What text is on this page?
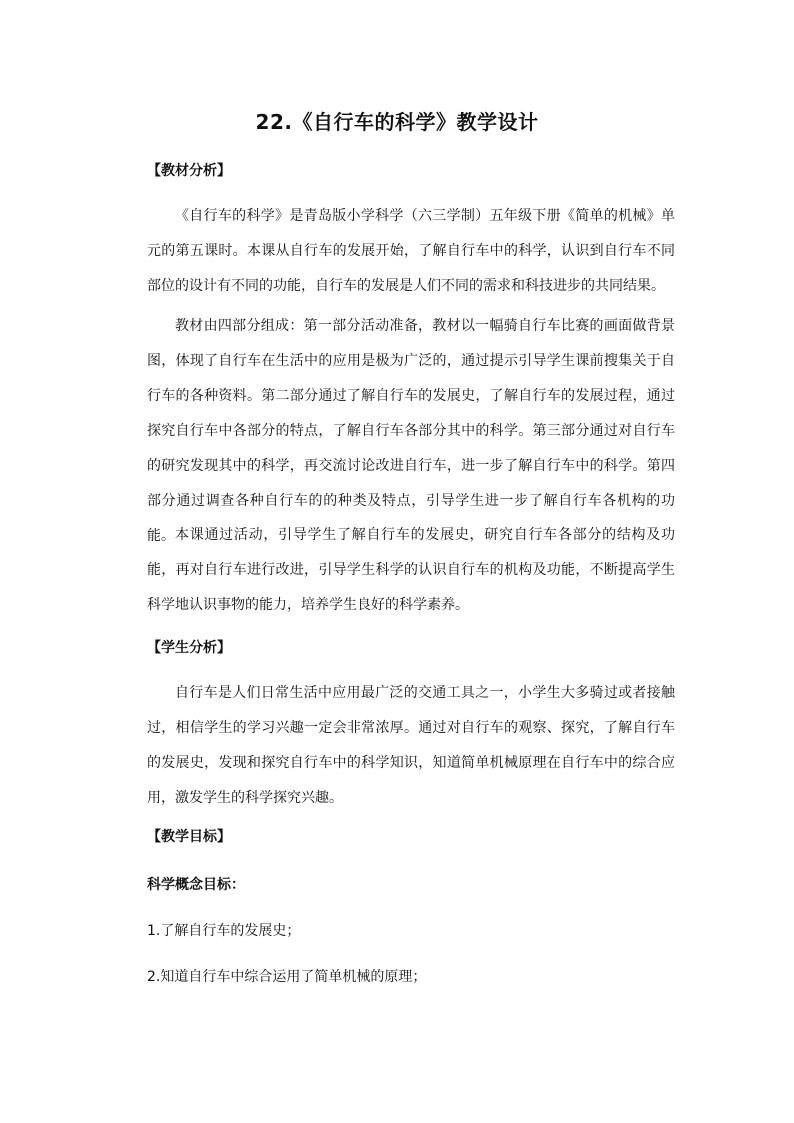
22.《自行车的科学》教学设计
【教材分析】

《自行车的科学》是青岛版小学科学（六三学制）五年级下册《简单的机械》单元的第五课时。本课从自行车的发展开始，了解自行车中的科学，认识到自行车不同部位的设计有不同的功能，自行车的发展是人们不同的需求和科技进步的共同结果。

教材由四部分组成：第一部分活动准备，教材以一幅骑自行车比赛的画面做背景图，体现了自行车在生活中的应用是极为广泛的，通过提示引导学生课前搜集关于自行车的各种资料。第二部分通过了解自行车的发展史，了解自行车的发展过程，通过探究自行车中各部分的特点，了解自行车各部分其中的科学。第三部分通过对自行车的研究发现其中的科学，再交流讨论改进自行车，进一步了解自行车中的科学。第四部分通过调查各种自行车的的种类及特点，引导学生进一步了解自行车各机构的功能。 本课通过活动，引导学生了解自行车的发展史，研究自行车各部分的结构及功能，再对自行车进行改进，引导学生科学的认识自行车的机构及功能，不断提高学生科学地认识事物的能力，培养学生良好的科学素养。

【学生分析】

自行车是人们日常生活中应用最广泛的交通工具之一，小学生大多骑过或者接触过，相信学生的学习兴趣一定会非常浓厚。通过对自行车的观察、探究，了解自行车的发展史，发现和探究自行车中的科学知识，知道简单机械原理在自行车中的综合应用，激发学生的科学探究兴趣。

【教学目标】
科学概念目标：
1.了解自行车的发展史；
2.知道自行车中综合运用了简单机械的原理；
